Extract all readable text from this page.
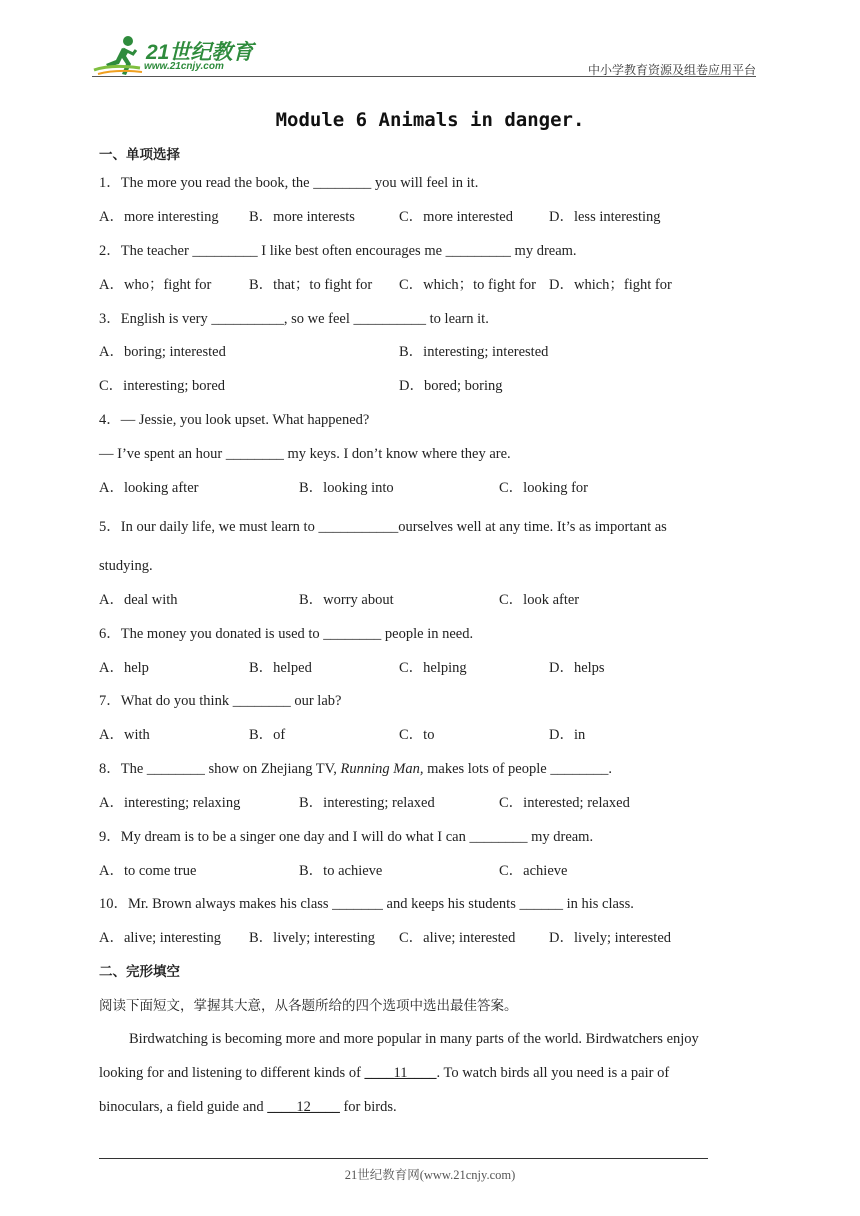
21世纪教育
www.21cnjy.com	中小学教育资源及组卷应用平台
Module 6 Animals in danger.
一、单项选择
1．The more you read the book, the ________ you will feel in it.
A．more interesting B．more interests	C．more interested D．less interesting
2．The teacher _________ I like best often encourages me _________ my dream.
A．who；fight for	B．that；to fight for C．which；to fight for D．which；fight for
3．English is very __________, so we feel __________ to learn it.
A．boring; interested	B．interesting; interested
C．interesting; bored	D．bored; boring
4．— Jessie, you look upset. What happened?
— I’ve spent an hour ________ my keys. I don’t know where they are.
A．looking after	B．looking into	C．looking for
5．In our daily life, we must learn to ___________ourselves well at any time. It’s as important as
studying.
A．deal with	B．worry about	C．look after
6．The money you donated is used to ________ people in need.
A．help	B．helped	C．helping	D．helps
7．What do you think ________ our lab?
A．with	B．of	C．to	D．in
8．The ________ show on Zhejiang TV, Running Man, makes lots of people ________.
A．interesting; relaxing	B．interesting; relaxed	C．interested; relaxed
9．My dream is to be a singer one day and I will do what I can ________ my dream.
A．to come true	B．to achieve	C．achieve
10．Mr. Brown always makes his class _______ and keeps his students ______ in his class.
A．alive; interesting B．lively; interesting C．alive; interested D．lively; interested
二、完形填空
阅读下面短文，掌握其大意，从各题所给的四个选项中选出最佳答案。
Birdwatching is becoming more and more popular in many parts of the world. Birdwatchers enjoy
looking for and listening to different kinds of ____11____. To watch birds all you need is a pair of
binoculars, a field guide and ____12____ for birds.
21世纪教育网(www.21cnjy.com)
